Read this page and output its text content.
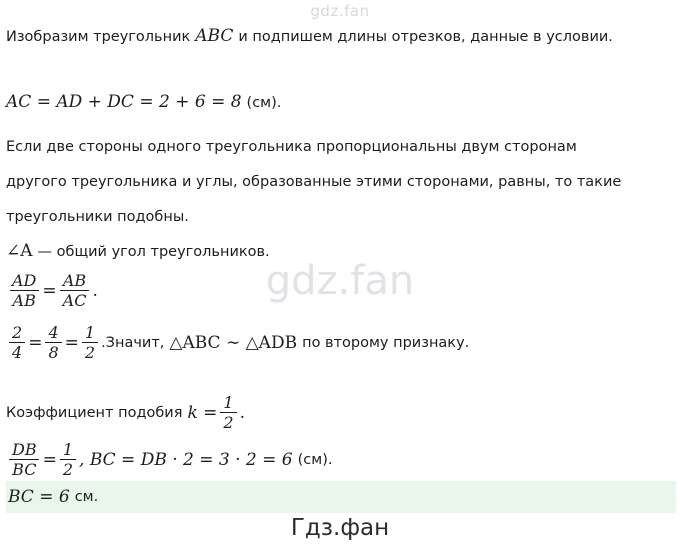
gdz.fan
gdz.fan
Гдз.фан
Изобразим треугольник ABC и подпишем длины отрезков, данные в условии.
AC = AD + DC = 2 + 6 = 8 (см).
Если две стороны одного треугольника пропорциональны двум сторонам
другого треугольника и углы, образованные этими сторонами, равны, то такие
треугольники подобны.
∠A — общий угол треугольников.
$\frac{AD}{AB} = \frac{AB}{AC}$ .
$\frac{2}{4} = \frac{4}{8} = \frac{1}{2}$ .Значит, △ABC ∼ △ADB по второму признаку.
Коэффициент подобия $k = \frac{1}{2}$ .
$\frac{DB}{BC} = \frac{1}{2}$ , BC = DB · 2 = 3 · 2 = 6 (см).
BC = 6 см.
